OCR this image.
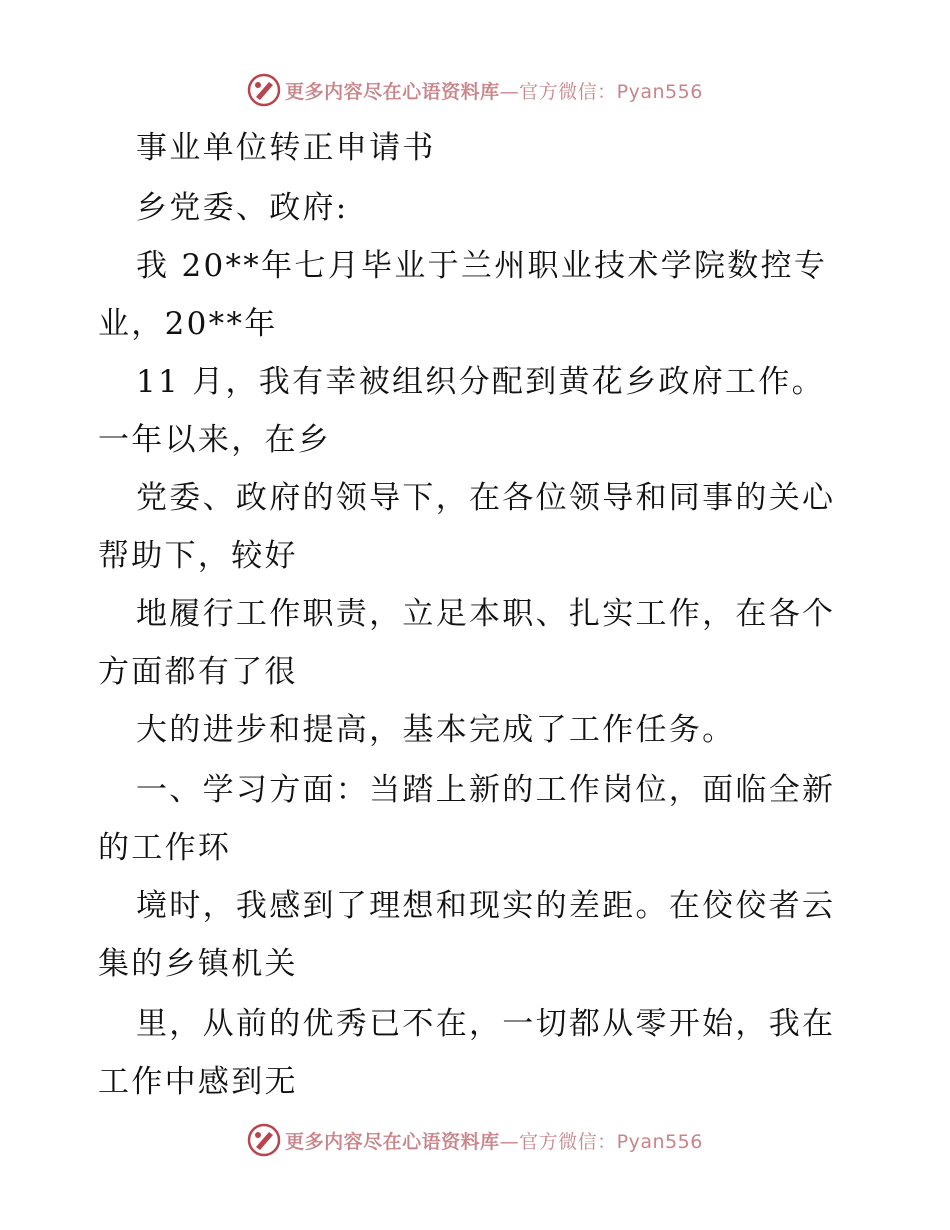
更多内容尽在心语资料库—官方微信：Pyan556
事业单位转正申请书
乡党委、政府:
我 20**年七月毕业于兰州职业技术学院数控专
业，20**年
11 月，我有幸被组织分配到黄花乡政府工作。
一年以来，在乡
党委、政府的领导下，在各位领导和同事的关心
帮助下，较好
地履行工作职责，立足本职、扎实工作，在各个
方面都有了很
大的进步和提高，基本完成了工作任务。
一、学习方面：当踏上新的工作岗位，面临全新
的工作环
境时，我感到了理想和现实的差距。在佼佼者云
集的乡镇机关
里，从前的优秀已不在，一切都从零开始，我在
工作中感到无
更多内容尽在心语资料库—官方微信：Pyan556
